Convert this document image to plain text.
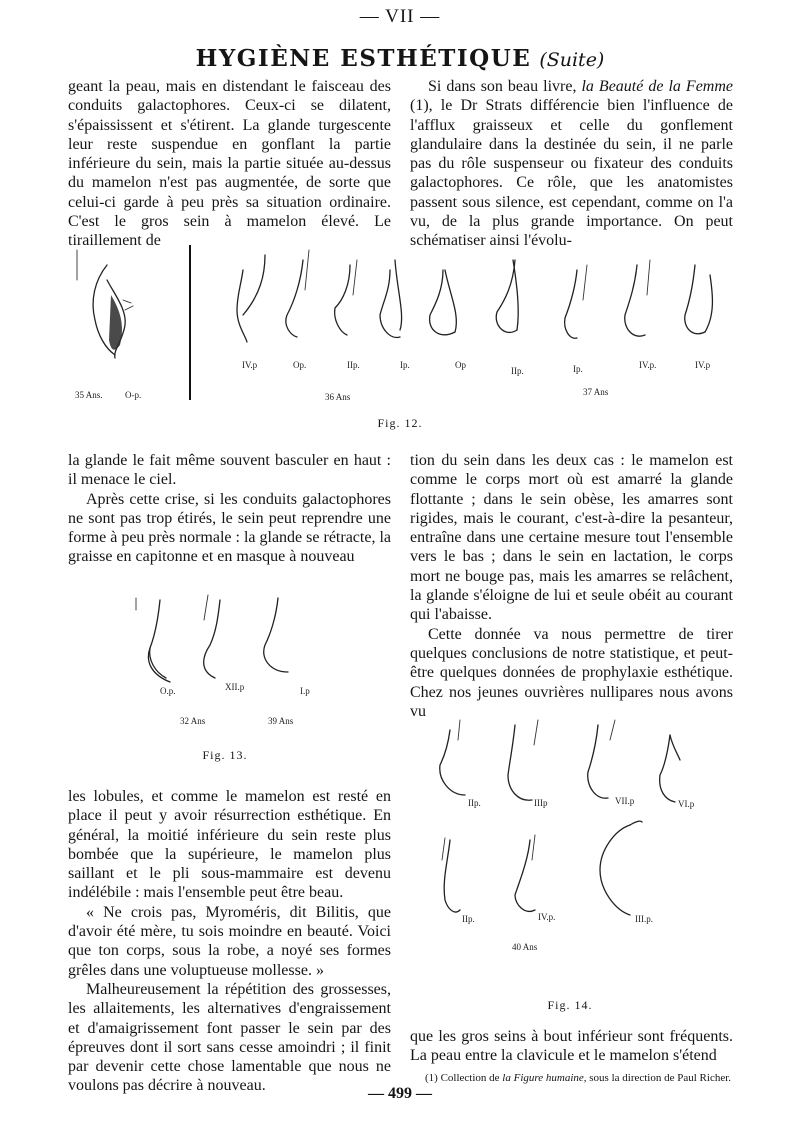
— VII —
HYGIÈNE ESTHÉTIQUE (Suite)

geant la peau, mais en distendant le faisceau des conduits galactophores. Ceux-ci se dilatent, s'épaississent et s'étirent. La glande turgescente leur reste suspendue en gonflant la partie inférieure du sein, mais la partie située au-dessus du mamelon n'est pas augmentée, de sorte que celui-ci garde à peu près sa situation ordinaire. C'est le gros sein à mamelon élevé. Le tiraillement de

Si dans son beau livre, la Beauté de la Femme (1), le Dr Strats différencie bien l'influence de l'afflux graisseux et celle du gonflement glandulaire dans la destinée du sein, il ne parle pas du rôle suspenseur ou fixateur des conduits galactophores. Ce rôle, que les anatomistes passent sous silence, est cependant, comme on l'a vu, de la plus grande importance. On peut schématiser ainsi l'évolu-

35 Ans. O-p.
IV.p	Op.	IIp.	Ip.	Op
IIp.	Ip.	IV.p.	IV.p
36 Ans	37 Ans
Fig. 12.

la glande le fait même souvent basculer en haut : il menace le ciel.

Après cette crise, si les conduits galactophores ne sont pas trop étirés, le sein peut reprendre une forme à peu près normale : la glande se rétracte, la graisse en capitonne et en masque à nouveau

O.p.	XII.p	I.p
32 Ans	39 Ans
Fig. 13.

les lobules, et comme le mamelon est resté en place il peut y avoir résurrection esthétique. En général, la moitié inférieure du sein reste plus bombée que la supérieure, le mamelon plus saillant et le pli sous-mammaire est devenu indélébile : mais l'ensemble peut être beau.

« Ne crois pas, Myroméris, dit Bilitis, que d'avoir été mère, tu sois moindre en beauté. Voici que ton corps, sous la robe, a noyé ses formes grêles dans une voluptueuse mollesse. »

Malheureusement la répétition des grossesses, les allaitements, les alternatives d'engraissement et d'amaigrissement font passer le sein par des épreuves dont il sort sans cesse amoindri ; il finit par devenir cette chose lamentable que nous ne voulons pas décrire à nouveau.

tion du sein dans les deux cas : le mamelon est comme le corps mort où est amarré la glande flottante ; dans le sein obèse, les amarres sont rigides, mais le courant, c'est-à-dire la pesanteur, entraîne dans une certaine mesure tout l'ensemble vers le bas ; dans le sein en lactation, le corps mort ne bouge pas, mais les amarres se relâchent, la glande s'éloigne de lui et seule obéit au courant qui l'abaisse.

Cette donnée va nous permettre de tirer quelques conclusions de notre statistique, et peut-être quelques données de prophylaxie esthétique. Chez nos jeunes ouvrières nullipares nous avons vu

IIp.	IIIp	VII.p	VI.p
IIp.	IV.p.	III.p.
40 Ans
Fig. 14.

que les gros seins à bout inférieur sont fréquents. La peau entre la clavicule et le mamelon s'étend

(1) Collection de la Figure humaine, sous la direction de Paul Richer.
— 499 —
